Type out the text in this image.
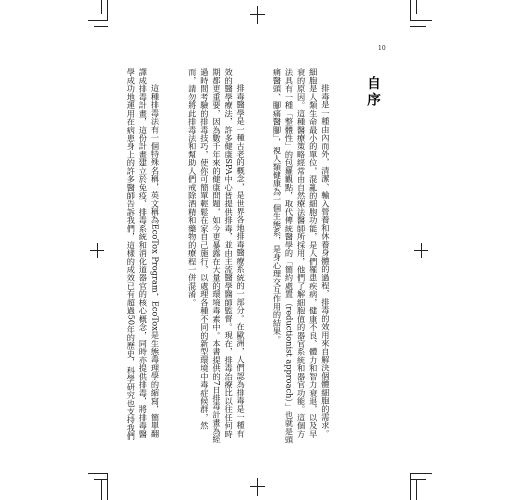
10
自序

排毒是一種由內而外，清潔、輸入營養和休養身體的過程，排毒的效用來自解決個體細胞的需求。細胞是人類生命最小的單位，混亂的細胞功能，是人們罹患疾病，健康不良、體力和智力衰退，以及早衰的原因。這種醫療策略經常由自然療法醫師所採用，他們了解細胞值的器官系統和器官功能。這個方法具有一種「整體性」的包羅觀點，取代傳統醫學的「簡約處置（reductionist approach）」也就是頭痛醫頭、腳痛醫腳」，視人類健康為一個生態系，是身心理交互作用的結果。

排毒醫學是一種古老的概念，是世界各地排毒醫療系統的一部分。在歐洲，人們認為排毒是一種有效的醫學療法，許多健康SPA中心皆提供排毒，並由主流醫學醫師監督。現在，排毒治療比以往任何時期都更重要，因為數千年來的健康問題，如今更暴露在大量的環境毒素中。本書提供的7日排毒計畫為經過時間考驗的排毒技巧，使你可簡單輕鬆在家自己施行，以處理各種不同的新型環境中毒症候群，然而，請勿將此排毒法和幫助人們戒除酒精和藥物的療程一併混淆。

這種排毒法有一個特殊名稱，英文稱為EcoTox Program，EcoTox是生態毒理學的縮寫，簡單翻譯成排毒計畫，這份計畫建立於免疫、排毒系統和消化道器官的核心概念，同時亦提供排毒，將排毒醫學成功地運用在病患身上的許多醫師告訴我們，這樣的成效已有超過50年的歷史，科學研究也支持我們
